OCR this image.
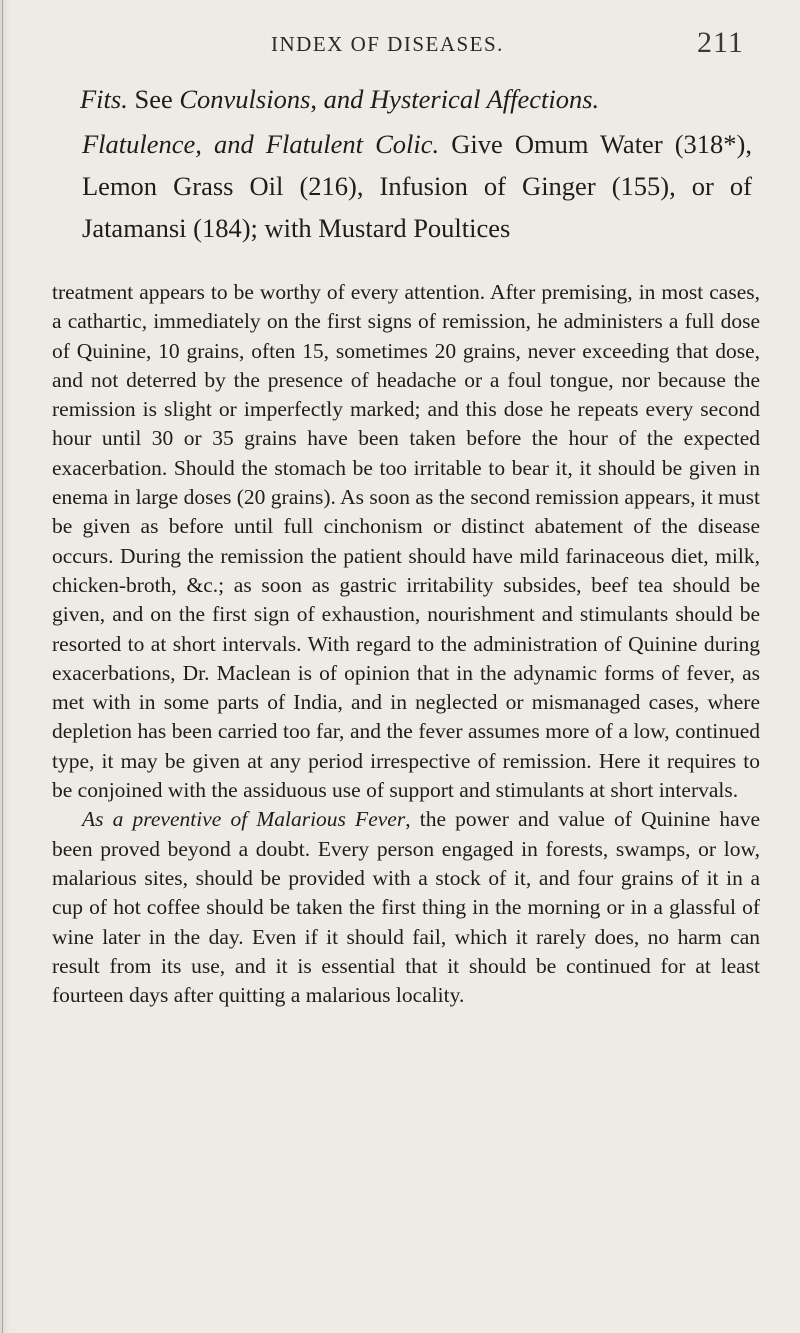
INDEX OF DISEASES.	211

Fits. See Convulsions, and Hysterical Affections.

Flatulence, and Flatulent Colic. Give Omum Water (318*), Lemon Grass Oil (216), Infusion of Ginger (155), or of Jatamansi (184); with Mustard Poultices

treatment appears to be worthy of every attention. After premising, in most cases, a cathartic, immediately on the first signs of remission, he administers a full dose of Quinine, 10 grains, often 15, sometimes 20 grains, never exceeding that dose, and not deterred by the presence of headache or a foul tongue, nor because the remission is slight or imperfectly marked; and this dose he repeats every second hour until 30 or 35 grains have been taken before the hour of the expected exacerbation. Should the stomach be too irritable to bear it, it should be given in enema in large doses (20 grains). As soon as the second remission appears, it must be given as before until full cinchonism or distinct abatement of the disease occurs. During the remission the patient should have mild farinaceous diet, milk, chicken-broth, &c.; as soon as gastric irritability subsides, beef tea should be given, and on the first sign of exhaustion, nourishment and stimulants should be resorted to at short intervals. With regard to the administration of Quinine during exacerbations, Dr. Maclean is of opinion that in the adynamic forms of fever, as met with in some parts of India, and in neglected or mismanaged cases, where depletion has been carried too far, and the fever assumes more of a low, continued type, it may be given at any period irrespective of remission. Here it requires to be conjoined with the assiduous use of support and stimulants at short intervals.
As a preventive of Malarious Fever, the power and value of Quinine have been proved beyond a doubt. Every person engaged in forests, swamps, or low, malarious sites, should be provided with a stock of it, and four grains of it in a cup of hot coffee should be taken the first thing in the morning or in a glassful of wine later in the day. Even if it should fail, which it rarely does, no harm can result from its use, and it is essential that it should be continued for at least fourteen days after quitting a malarious locality.
